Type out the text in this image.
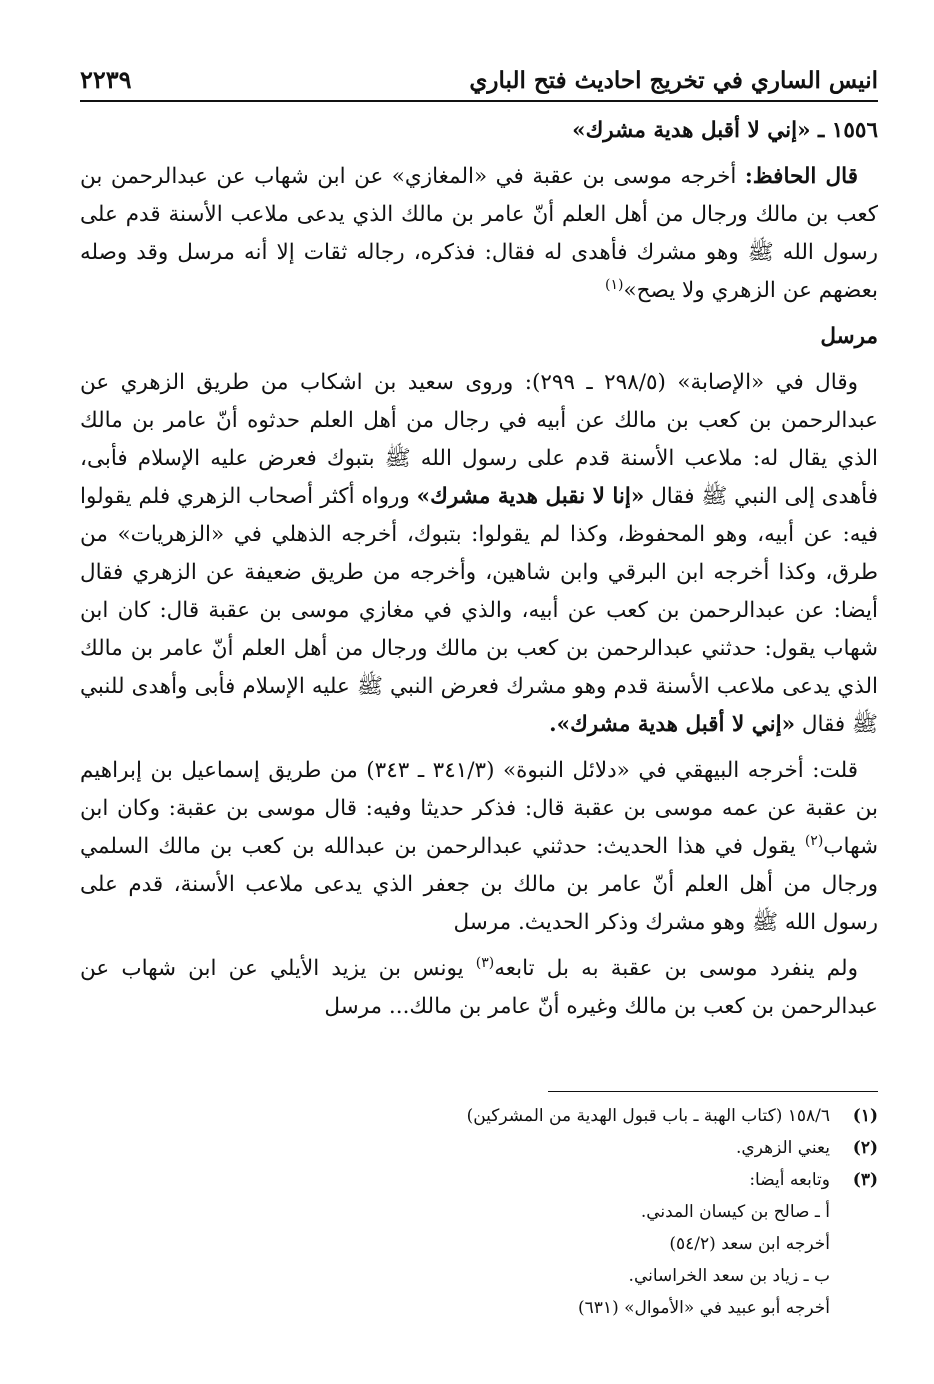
انيس الساري في تخريج احاديث فتح الباري
٢٢٣٩

١٥٥٦ ـ «إني لا أقبل هدية مشرك»

قال الحافظ: أخرجه موسى بن عقبة في «المغازي» عن ابن شهاب عن عبدالرحمن بن كعب بن مالك ورجال من أهل العلم أنّ عامر بن مالك الذي يدعى ملاعب الأسنة قدم على رسول الله ﷺ وهو مشرك فأهدى له فقال: فذكره، رجاله ثقات إلا أنه مرسل وقد وصله بعضهم عن الزهري ولا يصح»$^{(١)}$

مرسل

وقال في «الإصابة» (٢٩٨/٥ ـ ٢٩٩): وروى سعيد بن اشكاب من طريق الزهري عن عبدالرحمن بن كعب بن مالك عن أبيه في رجال من أهل العلم حدثوه أنّ عامر بن مالك الذي يقال له: ملاعب الأسنة قدم على رسول الله ﷺ بتبوك فعرض عليه الإسلام فأبى، فأهدى إلى النبي ﷺ فقال «إنا لا نقبل هدية مشرك» ورواه أكثر أصحاب الزهري فلم يقولوا فيه: عن أبيه، وهو المحفوظ، وكذا لم يقولوا: بتبوك، أخرجه الذهلي في «الزهريات» من طرق، وكذا أخرجه ابن البرقي وابن شاهين، وأخرجه من طريق ضعيفة عن الزهري فقال أيضا: عن عبدالرحمن بن كعب عن أبيه، والذي في مغازي موسى بن عقبة قال: كان ابن شهاب يقول: حدثني عبدالرحمن بن كعب بن مالك ورجال من أهل العلم أنّ عامر بن مالك الذي يدعى ملاعب الأسنة قدم وهو مشرك فعرض النبي ﷺ عليه الإسلام فأبى وأهدى للنبي ﷺ فقال «إني لا أقبل هدية مشرك».

قلت: أخرجه البيهقي في «دلائل النبوة» (٣٤١/٣ ـ ٣٤٣) من طريق إسماعيل بن إبراهيم بن عقبة عن عمه موسى بن عقبة قال: فذكر حديثا وفيه: قال موسى بن عقبة: وكان ابن شهاب$^{(٢)}$ يقول في هذا الحديث: حدثني عبدالرحمن بن عبدالله بن كعب بن مالك السلمي ورجال من أهل العلم أنّ عامر بن مالك بن جعفر الذي يدعى ملاعب الأسنة، قدم على رسول الله ﷺ وهو مشرك وذكر الحديث. مرسل

ولم ينفرد موسى بن عقبة به بل تابعه$^{(٣)}$ يونس بن يزيد الأيلي عن ابن شهاب عن عبدالرحمن بن كعب بن مالك وغيره أنّ عامر بن مالك... مرسل

(١)
١٥٨/٦ (كتاب الهبة ـ باب قبول الهدية من المشركين)
(٢)
يعني الزهري.
(٣)
وتابعه أيضا:
أ ـ صالح بن كيسان المدني.
أخرجه ابن سعد (٥٤/٢)
ب ـ زياد بن سعد الخراساني.
أخرجه أبو عبيد في «الأموال» (٦٣١)
